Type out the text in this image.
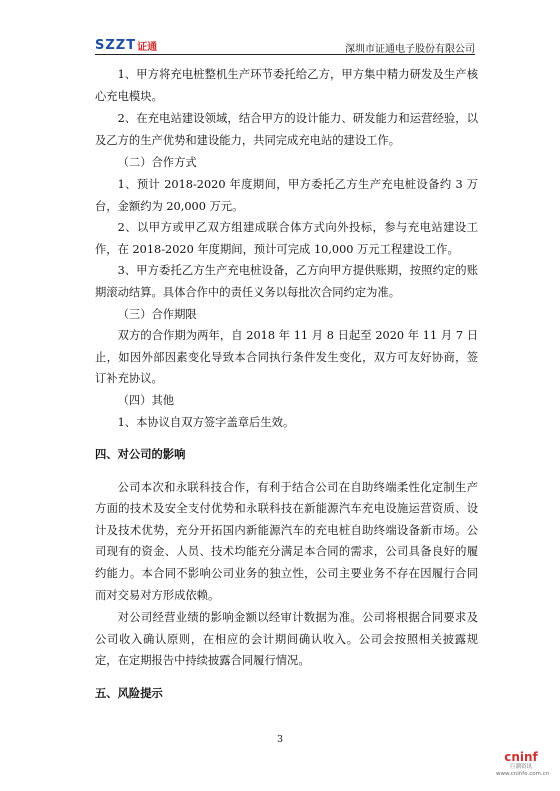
SZZT 证通	深圳市证通电子股份有限公司

1、甲方将充电桩整机生产环节委托给乙方，甲方集中精力研发及生产核心充电模块。

2、在充电站建设领域，结合甲方的设计能力、研发能力和运营经验，以及乙方的生产优势和建设能力，共同完成充电站的建设工作。

（二）合作方式

1、预计 2018-2020 年度期间，甲方委托乙方生产充电桩设备约 3 万台，金额约为 20,000 万元。

2、以甲方或甲乙双方组建成联合体方式向外投标，参与充电站建设工作，在 2018-2020 年度期间，预计可完成 10,000 万元工程建设工作。

3、甲方委托乙方生产充电桩设备，乙方向甲方提供账期，按照约定的账期滚动结算。具体合作中的责任义务以每批次合同约定为准。

（三）合作期限

双方的合作期为两年，自 2018 年 11 月 8 日起至 2020 年 11 月 7 日止，如因外部因素变化导致本合同执行条件发生变化，双方可友好协商，签订补充协议。

（四）其他

1、本协议自双方签字盖章后生效。

四、对公司的影响

公司本次和永联科技合作，有利于结合公司在自助终端柔性化定制生产方面的技术及安全支付优势和永联科技在新能源汽车充电设施运营资质、设计及技术优势，充分开拓国内新能源汽车的充电桩自助终端设备新市场。公司现有的资金、人员、技术均能充分满足本合同的需求，公司具备良好的履约能力。本合同不影响公司业务的独立性，公司主要业务不存在因履行合同而对交易对方形成依赖。

对公司经营业绩的影响金额以经审计数据为准。公司将根据合同要求及公司收入确认原则，在相应的会计期间确认收入。公司会按照相关披露规定，在定期报告中持续披露合同履行情况。

五、风险提示

3
cninf
巨潮资讯
www.cninfo.com.cn
